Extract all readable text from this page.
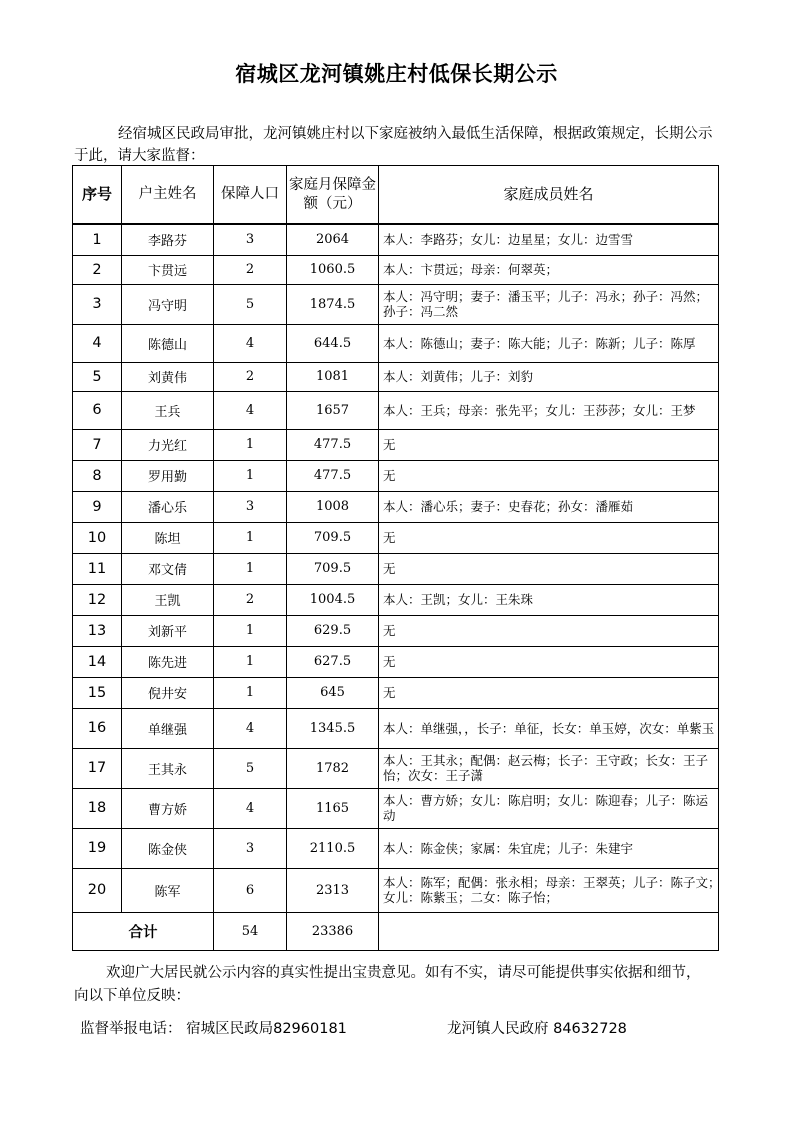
宿城区龙河镇姚庄村低保长期公示
经宿城区民政局审批，龙河镇姚庄村以下家庭被纳入最低生活保障，根据政策规定，长期公示于此，请大家监督：
序号	户主姓名	保障人口	家庭月保障金额（元）	家庭成员姓名
1	李路芬	3	2064	本人：李路芬；女儿：边星星；女儿：边雪雪
2	卞贯远	2	1060.5	本人：卞贯远；母亲：何翠英；
3	冯守明	5	1874.5	本人：冯守明；妻子：潘玉平；儿子：冯永；孙子：冯然；孙子：冯二然
4	陈德山	4	644.5	本人：陈德山；妻子：陈大能；儿子：陈新；儿子：陈厚
5	刘黄伟	2	1081	本人：刘黄伟；儿子：刘豹
6	王兵	4	1657	本人：王兵；母亲：张先平；女儿：王莎莎；女儿：王梦
7	力光红	1	477.5	无
8	罗用勤	1	477.5	无
9	潘心乐	3	1008	本人：潘心乐；妻子：史春花；孙女：潘雁茹
10	陈坦	1	709.5	无
11	邓文倩	1	709.5	无
12	王凯	2	1004.5	本人：王凯；女儿：王朱珠
13	刘新平	1	629.5	无
14	陈先进	1	627.5	无
15	倪井安	1	645	无
16	单继强	4	1345.5	本人：单继强，，长子：单征，长女：单玉婷，次女：单紫玉
17	王其永	5	1782	本人：王其永；配偶：赵云梅；长子：王守政；长女：王子怡；次女：王子潇
18	曹方娇	4	1165	本人：曹方娇；女儿：陈启明；女儿：陈迎春；儿子：陈运动
19	陈金侠	3	2110.5	本人：陈金侠；家属：朱宜虎；儿子：朱建宇
20	陈军	6	2313	本人：陈军；配偶：张永相；母亲：王翠英；儿子：陈子文；　　女儿：陈紫玉；二女：陈子怡；
合计		54	23386	
欢迎广大居民就公示内容的真实性提出宝贵意见。如有不实，请尽可能提供事实依据和细节，向以下单位反映：
监督举报电话： 宿城区民政局82960181	龙河镇人民政府 84632728
